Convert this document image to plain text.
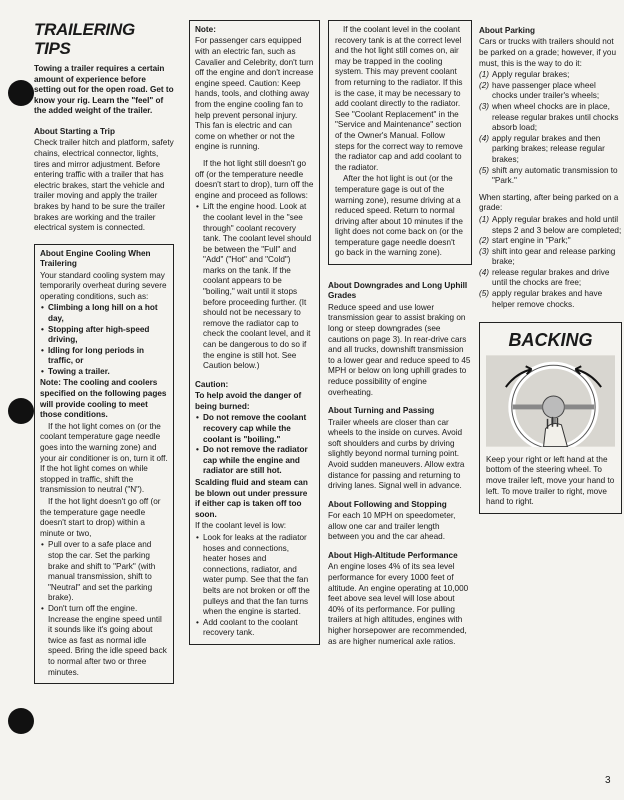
TRAILERING TIPS

Towing a trailer requires a certain amount of experience before setting out for the open road. Get to know your rig. Learn the "feel" of the added weight of the trailer.

About Starting a Trip

Check trailer hitch and platform, safety chains, electrical connector, lights, tires and mirror adjustment. Before entering traffic with a trailer that has electric brakes, start the vehicle and trailer moving and apply the trailer brakes by hand to be sure the trailer brakes are working and the trailer electrical system is connected.

About Engine Cooling When Trailering

Your standard cooling system may temporarily overheat during severe operating conditions, such as:

• Climbing a long hill on a hot day,
• Stopping after high-speed driving,
• Idling for long periods in traffic, or
• Towing a trailer.

Note: The cooling and coolers specified on the following pages will provide cooling to meet those conditions.

If the hot light comes on (or the coolant temperature gage needle goes into the warning zone) and your air conditioner is on, turn it off. If the hot light comes on while stopped in traffic, shift the transmission to neutral ("N").

If the hot light doesn't go off (or the temperature gage needle doesn't start to drop) within a minute or two,

• Pull over to a safe place and stop the car. Set the parking brake and shift to "Park" (with manual transmission, shift to "Neutral" and set the parking brake).
• Don't turn off the engine. Increase the engine speed until it sounds like it's going about twice as fast as normal idle speed. Bring the idle speed back to normal after two or three minutes.
Note:

For passenger cars equipped with an electric fan, such as Cavalier and Celebrity, don't turn off the engine and don't increase engine speed. Caution: Keep hands, tools, and clothing away from the engine cooling fan to help prevent personal injury. This fan is electric and can come on whether or not the engine is running.

If the hot light still doesn't go off (or the temperature needle doesn't start to drop), turn off the engine and proceed as follows:

• Lift the engine hood. Look at the coolant level in the "see through" coolant recovery tank. The coolant level should be between the "Full" and "Add" ("Hot" and "Cold") marks on the tank. If the coolant appears to be "boiling," wait until it stops before proceeding further. (It should not be necessary to remove the radiator cap to check the coolant level, and it can be dangerous to do so if the engine is still hot. See Caution below.)
Caution:

To help avoid the danger of being burned:

• Do not remove the coolant recovery cap while the coolant is "boiling."
• Do not remove the radiator cap while the engine and radiator are still hot.

Scalding fluid and steam can be blown out under pressure if either cap is taken off too soon.

If the coolant level is low:

• Look for leaks at the radiator hoses and connections, heater hoses and connections, radiator, and water pump. See that the fan belts are not broken or off the pulleys and that the fan turns when the engine is started.
• Add coolant to the coolant recovery tank.

If the coolant level in the coolant recovery tank is at the correct level and the hot light still comes on, air may be trapped in the cooling system. This may prevent coolant from returning to the radiator. If this is the case, it may be necessary to add coolant directly to the radiator. See "Coolant Replacement" in the "Service and Maintenance" section of the Owner's Manual. Follow steps for the correct way to remove the radiator cap and add coolant to the radiator.

After the hot light is out (or the temperature gage is out of the warning zone), resume driving at a reduced speed. Return to normal driving after about 10 minutes if the light does not come back on (or the temperature gage needle doesn't go back in the warning zone).

About Downgrades and Long Uphill Grades

Reduce speed and use lower transmission gear to assist braking on long or steep downgrades (see cautions on page 3). In rear-drive cars and all trucks, downshift transmission to a lower gear and reduce speed to 45 MPH or below on long uphill grades to reduce possibility of engine overheating.

About Turning and Passing

Trailer wheels are closer than car wheels to the inside on curves. Avoid soft shoulders and curbs by driving slightly beyond normal turning point. Avoid sudden maneuvers. Allow extra distance for passing and returning to driving lanes. Signal well in advance.

About Following and Stopping

For each 10 MPH on speedometer, allow one car and trailer length between you and the car ahead.

About High-Altitude Performance

An engine loses 4% of its sea level performance for every 1000 feet of altitude. An engine operating at 10,000 feet above sea level will lose about 40% of its performance. For pulling trailers at high altitudes, engines with higher horsepower are recommended, as are higher numerical axle ratios.

About Parking

Cars or trucks with trailers should not be parked on a grade; however, if you must, this is the way to do it:

(1) Apply regular brakes;
(2) have passenger place wheel chocks under trailer's wheels;
(3) when wheel chocks are in place, release regular brakes until chocks absorb load;
(4) apply regular brakes and then parking brakes; release regular brakes;
(5) shift any automatic transmission to "Park."

When starting, after being parked on a grade:

(1) Apply regular brakes and hold until steps 2 and 3 below are completed;
(2) start engine in "Park;"
(3) shift into gear and release parking brake;
(4) release regular brakes and drive until the chocks are free;
(5) apply regular brakes and have helper remove chocks.
BACKING

Keep your right or left hand at the bottom of the steering wheel. To move trailer left, move your hand to left. To move trailer to right, move hand to right.

3
